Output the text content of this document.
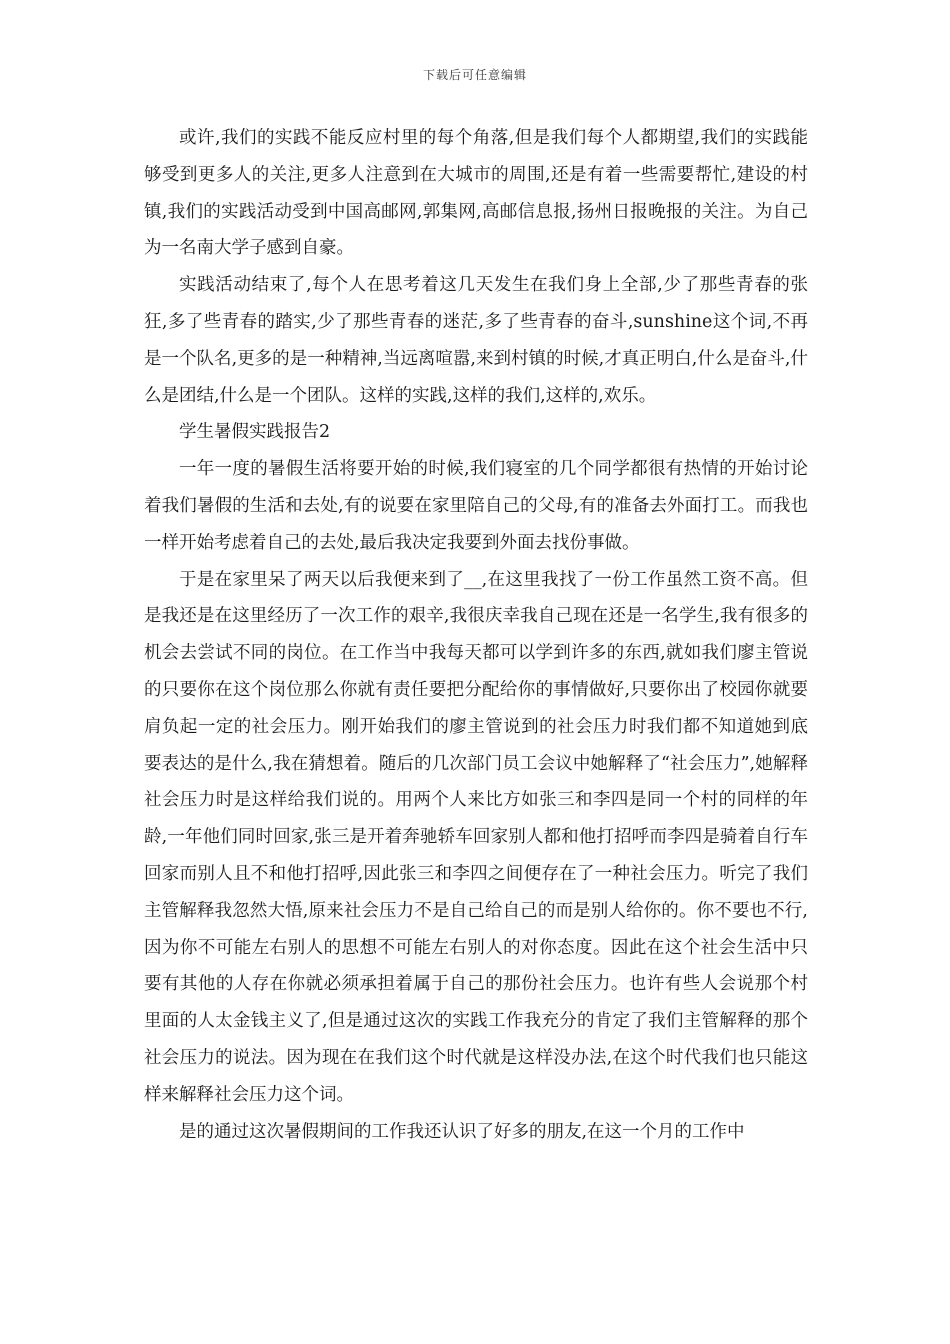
下载后可任意编辑

或许,我们的实践不能反应村里的每个角落,但是我们每个人都期望,我们的实践能够受到更多人的关注,更多人注意到在大城市的周围,还是有着一些需要帮忙,建设的村镇,我们的实践活动受到中国高邮网,郭集网,高邮信息报,扬州日报晚报的关注。为自己为一名南大学子感到自豪。

实践活动结束了,每个人在思考着这几天发生在我们身上全部,少了那些青春的张狂,多了些青春的踏实,少了那些青春的迷茫,多了些青春的奋斗,sunshine这个词,不再是一个队名,更多的是一种精神,当远离喧嚣,来到村镇的时候,才真正明白,什么是奋斗,什么是团结,什么是一个团队。这样的实践,这样的我们,这样的,欢乐。

学生暑假实践报告2

一年一度的暑假生活将要开始的时候,我们寝室的几个同学都很有热情的开始讨论着我们暑假的生活和去处,有的说要在家里陪自己的父母,有的准备去外面打工。而我也一样开始考虑着自己的去处,最后我决定我要到外面去找份事做。

于是在家里呆了两天以后我便来到了__,在这里我找了一份工作虽然工资不高。但是我还是在这里经历了一次工作的艰辛,我很庆幸我自己现在还是一名学生,我有很多的机会去尝试不同的岗位。在工作当中我每天都可以学到许多的东西,就如我们廖主管说的只要你在这个岗位那么你就有责任要把分配给你的事情做好,只要你出了校园你就要肩负起一定的社会压力。刚开始我们的廖主管说到的社会压力时我们都不知道她到底要表达的是什么,我在猜想着。随后的几次部门员工会议中她解释了“社会压力”,她解释社会压力时是这样给我们说的。用两个人来比方如张三和李四是同一个村的同样的年龄,一年他们同时回家,张三是开着奔驰轿车回家别人都和他打招呼而李四是骑着自行车回家而别人且不和他打招呼,因此张三和李四之间便存在了一种社会压力。听完了我们主管解释我忽然大悟,原来社会压力不是自己给自己的而是别人给你的。你不要也不行,因为你不可能左右别人的思想不可能左右别人的对你态度。因此在这个社会生活中只要有其他的人存在你就必须承担着属于自己的那份社会压力。也许有些人会说那个村里面的人太金钱主义了,但是通过这次的实践工作我充分的肯定了我们主管解释的那个社会压力的说法。因为现在在我们这个时代就是这样没办法,在这个时代我们也只能这样来解释社会压力这个词。

是的通过这次暑假期间的工作我还认识了好多的朋友,在这一个月的工作中
